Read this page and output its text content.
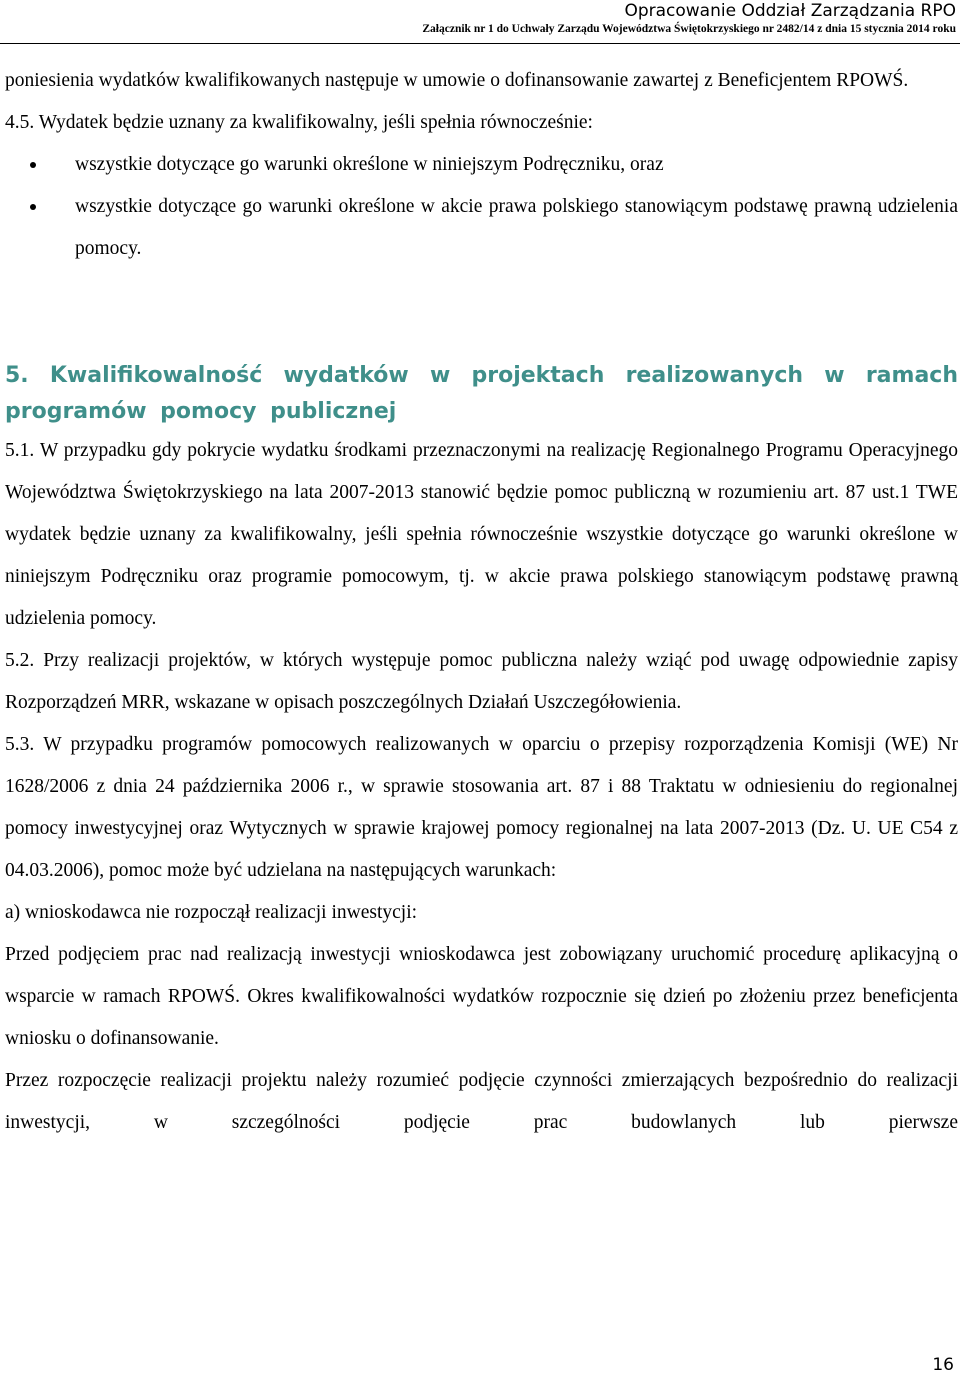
Opracowanie Oddział Zarządzania RPO
Załącznik nr 1 do Uchwały Zarządu Województwa Świętokrzyskiego nr 2482/14 z dnia 15 stycznia 2014 roku

poniesienia wydatków kwalifikowanych następuje w umowie o dofinansowanie zawartej z Beneficjentem RPOWŚ.

4.5. Wydatek będzie uznany za kwalifikowalny, jeśli spełnia równocześnie:

wszystkie dotyczące go warunki określone w niniejszym Podręczniku, oraz
wszystkie dotyczące go warunki określone w akcie prawa polskiego stanowiącym podstawę prawną udzielenia pomocy.
5. Kwalifikowalność wydatków w projektach realizowanych w ramach programów pomocy publicznej

5.1. W przypadku gdy pokrycie wydatku środkami przeznaczonymi na realizację Regionalnego Programu Operacyjnego Województwa Świętokrzyskiego na lata 2007-2013 stanowić będzie pomoc publiczną w rozumieniu art. 87 ust.1 TWE wydatek będzie uznany za kwalifikowalny, jeśli spełnia równocześnie wszystkie dotyczące go warunki określone w niniejszym Podręczniku oraz programie pomocowym, tj. w akcie prawa polskiego stanowiącym podstawę prawną udzielenia pomocy.

5.2. Przy realizacji projektów, w których występuje pomoc publiczna należy wziąć pod uwagę odpowiednie zapisy Rozporządzeń MRR, wskazane w opisach poszczególnych Działań Uszczegółowienia.

5.3. W przypadku programów pomocowych realizowanych w oparciu o przepisy rozporządzenia Komisji (WE) Nr 1628/2006 z dnia 24 października 2006 r., w sprawie stosowania art. 87 i 88 Traktatu w odniesieniu do regionalnej pomocy inwestycyjnej oraz Wytycznych w sprawie krajowej pomocy regionalnej na lata 2007-2013 (Dz. U. UE C54 z 04.03.2006), pomoc może być udzielana na następujących warunkach:

a) wnioskodawca nie rozpoczął realizacji inwestycji:

Przed podjęciem prac nad realizacją inwestycji wnioskodawca jest zobowiązany uruchomić procedurę aplikacyjną o wsparcie w ramach RPOWŚ. Okres kwalifikowalności wydatków rozpocznie się dzień po złożeniu przez beneficjenta wniosku o dofinansowanie.

Przez rozpoczęcie realizacji projektu należy rozumieć podjęcie czynności zmierzających bezpośrednio do realizacji inwestycji, w szczególności podjęcie prac budowlanych lub pierwsze

16
